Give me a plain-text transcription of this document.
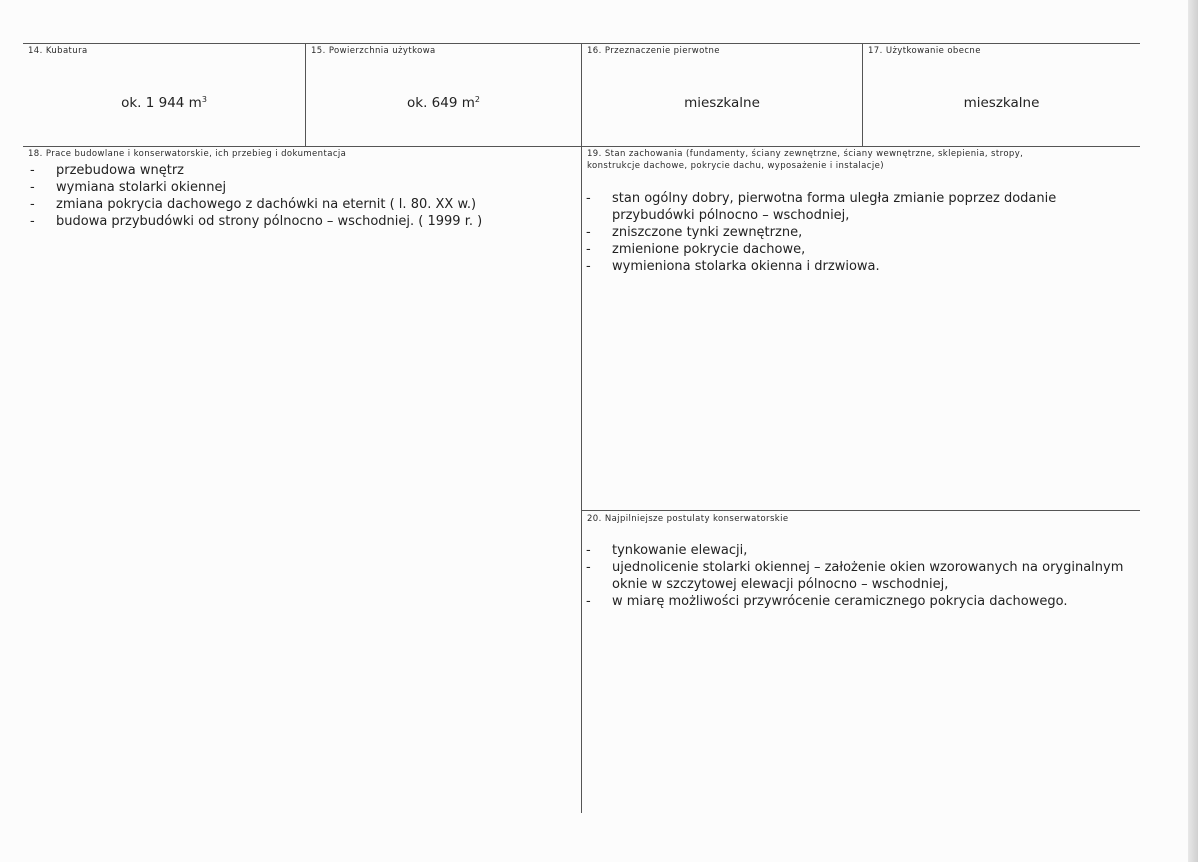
14. Kubatura
ok. 1 944 $m^3$
15. Powierzchnia użytkowa
ok. 649 $m^2$
16. Przeznaczenie pierwotne
mieszkalne
17. Użytkowanie obecne
mieszkalne
18. Prace budowlane i konserwatorskie, ich przebieg i dokumentacja
- przebudowa wnętrz
- wymiana stolarki okiennej
- zmiana pokrycia dachowego z dachówki na eternit ( l. 80. XX w.)
- budowa przybudówki od strony pólnocno – wschodniej. ( 1999 r. )
19. Stan zachowania (fundamenty, ściany zewnętrzne, ściany wewnętrzne, sklepienia, stropy,
konstrukcje dachowe, pokrycie dachu, wyposażenie i instalacje)
- stan ogólny dobry, pierwotna forma uległa zmianie poprzez dodanie przybudówki pólnocno – wschodniej,
- zniszczone tynki zewnętrzne,
- zmienione pokrycie dachowe,
- wymieniona stolarka okienna i drzwiowa.
20. Najpilniejsze postulaty konserwatorskie
- tynkowanie elewacji,
- ujednolicenie stolarki okiennej – założenie okien wzorowanych na oryginalnym oknie w szczytowej elewacji pólnocno – wschodniej,
- w miarę możliwości przywrócenie ceramicznego pokrycia dachowego.
